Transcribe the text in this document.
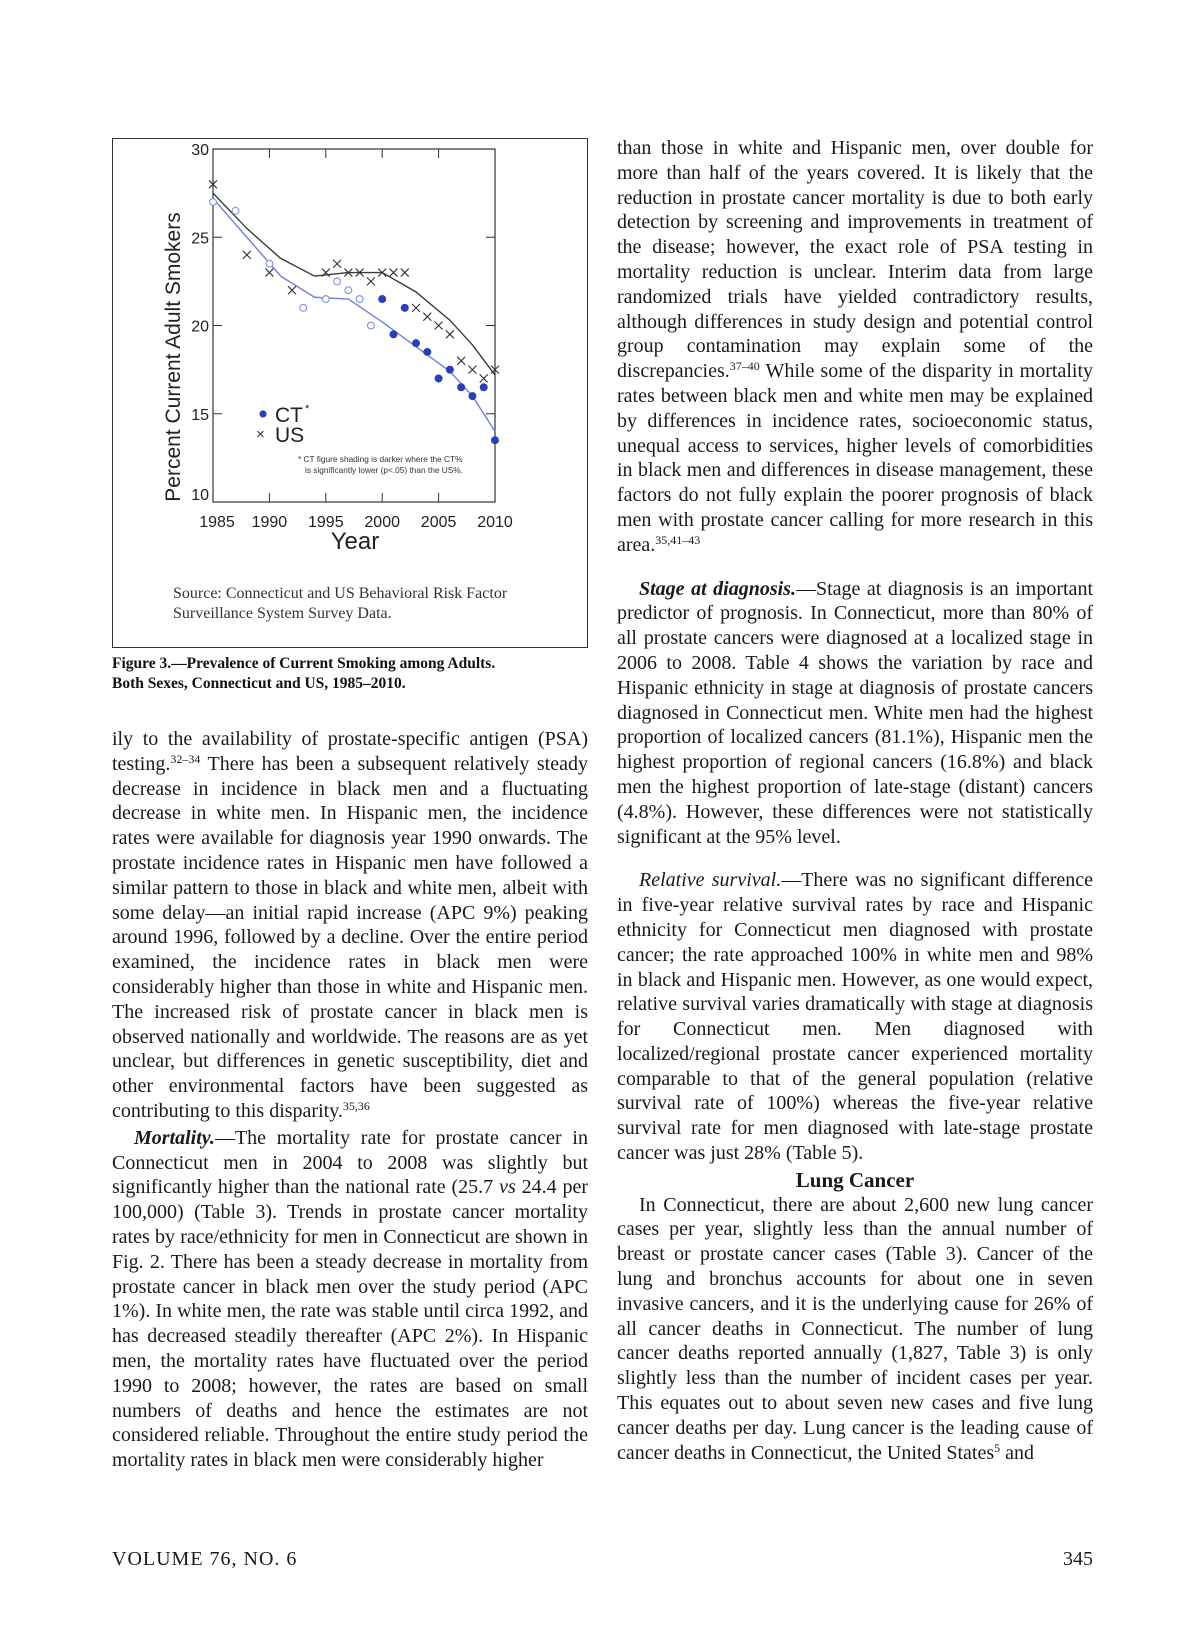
Percent Current Adult Smokers
Year
1985 1990 1995 2000 2005 2010
10
15
20
25
30
CT *
× US
* CT figure shading is darker where the CT%
is significantly lower (p<.05) than the US%.
Source: Connecticut and US Behavioral Risk Factor Surveillance System Survey Data.
Figure 3.—Prevalence of Current Smoking among Adults.
Both Sexes, Connecticut and US, 1985–2010.

ily to the availability of prostate-specific antigen (PSA) testing.$^{32-34}$ There has been a subsequent relatively steady decrease in incidence in black men and a fluctuating decrease in white men. In Hispanic men, the incidence rates were available for diagnosis year 1990 onwards. The prostate incidence rates in Hispanic men have followed a similar pattern to those in black and white men, albeit with some delay—an initial rapid increase (APC 9%) peaking around 1996, followed by a decline. Over the entire period examined, the incidence rates in black men were considerably higher than those in white and Hispanic men. The increased risk of prostate cancer in black men is observed nationally and worldwide. The reasons are as yet unclear, but differences in genetic susceptibility, diet and other environmental factors have been suggested as contributing to this disparity.$^{35,36}$

Mortality.—The mortality rate for prostate cancer in Connecticut men in 2004 to 2008 was slightly but significantly higher than the national rate (25.7 vs 24.4 per 100,000) (Table 3). Trends in prostate cancer mortality rates by race/ethnicity for men in Connecticut are shown in Fig. 2. There has been a steady decrease in mortality from prostate cancer in black men over the study period (APC 1%). In white men, the rate was stable until circa 1992, and has decreased steadily thereafter (APC 2%). In Hispanic men, the mortality rates have fluctuated over the period 1990 to 2008; however, the rates are based on small numbers of deaths and hence the estimates are not considered reliable. Throughout the entire study period the mortality rates in black men were considerably higher

than those in white and Hispanic men, over double for more than half of the years covered. It is likely that the reduction in prostate cancer mortality is due to both early detection by screening and improvements in treatment of the disease; however, the exact role of PSA testing in mortality reduction is unclear. Interim data from large randomized trials have yielded contradictory results, although differences in study design and potential control group contamination may explain some of the discrepancies.$^{37-40}$ While some of the disparity in mortality rates between black men and white men may be explained by differences in incidence rates, socioeconomic status, unequal access to services, higher levels of comorbidities in black men and differences in disease management, these factors do not fully explain the poorer prognosis of black men with prostate cancer calling for more research in this area.$^{35,41-43}$

Stage at diagnosis.—Stage at diagnosis is an important predictor of prognosis. In Connecticut, more than 80% of all prostate cancers were diagnosed at a localized stage in 2006 to 2008. Table 4 shows the variation by race and Hispanic ethnicity in stage at diagnosis of prostate cancers diagnosed in Connecticut men. White men had the highest proportion of localized cancers (81.1%), Hispanic men the highest proportion of regional cancers (16.8%) and black men the highest proportion of late-stage (distant) cancers (4.8%). However, these differences were not statistically significant at the 95% level.

Relative survival.—There was no significant difference in five-year relative survival rates by race and Hispanic ethnicity for Connecticut men diagnosed with prostate cancer; the rate approached 100% in white men and 98% in black and Hispanic men. However, as one would expect, relative survival varies dramatically with stage at diagnosis for Connecticut men. Men diagnosed with localized/regional prostate cancer experienced mortality comparable to that of the general population (relative survival rate of 100%) whereas the five-year relative survival rate for men diagnosed with late-stage prostate cancer was just 28% (Table 5).

Lung Cancer

In Connecticut, there are about 2,600 new lung cancer cases per year, slightly less than the annual number of breast or prostate cancer cases (Table 3). Cancer of the lung and bronchus accounts for about one in seven invasive cancers, and it is the underlying cause for 26% of all cancer deaths in Connecticut. The number of lung cancer deaths reported annually (1,827, Table 3) is only slightly less than the number of incident cases per year. This equates out to about seven new cases and five lung cancer deaths per day. Lung cancer is the leading cause of cancer deaths in Connecticut, the United States$^5$ and

VOLUME 76, NO. 6	345
